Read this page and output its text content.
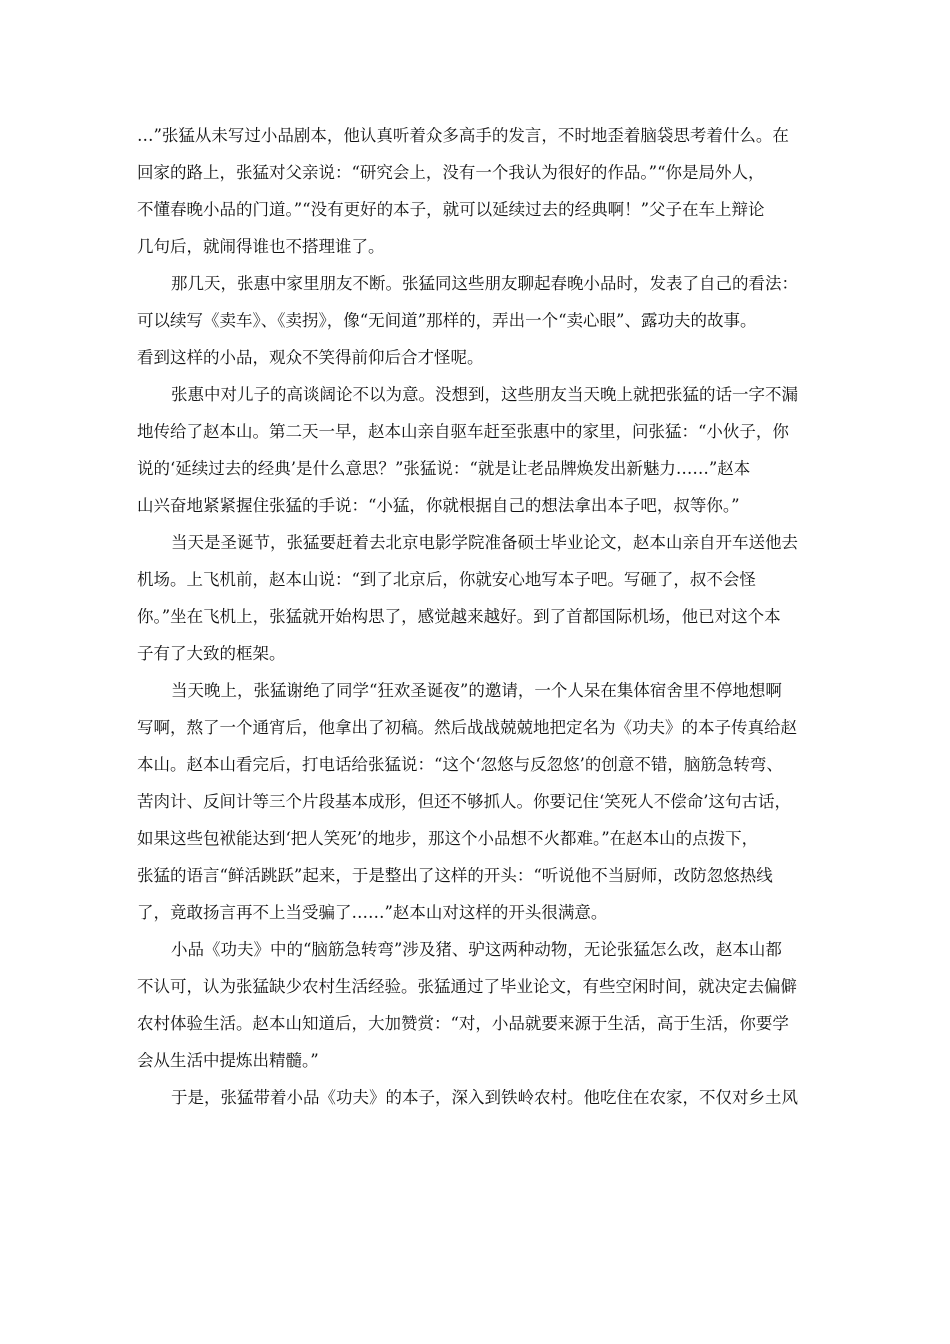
…”张猛从未写过小品剧本，他认真听着众多高手的发言，不时地歪着脑袋思考着什么。在
回家的路上，张猛对父亲说：“研究会上，没有一个我认为很好的作品。”“你是局外人，
不懂春晚小品的门道。”“没有更好的本子，就可以延续过去的经典啊！”父子在车上辩论
几句后，就闹得谁也不搭理谁了。
那几天，张惠中家里朋友不断。张猛同这些朋友聊起春晚小品时，发表了自己的看法：
可以续写《卖车》、《卖拐》，像“无间道”那样的，弄出一个“卖心眼”、露功夫的故事。
看到这样的小品，观众不笑得前仰后合才怪呢。
张惠中对儿子的高谈阔论不以为意。没想到，这些朋友当天晚上就把张猛的话一字不漏
地传给了赵本山。第二天一早，赵本山亲自驱车赶至张惠中的家里，问张猛：“小伙子，你
说的‘延续过去的经典’是什么意思？”张猛说：“就是让老品牌焕发出新魅力……”赵本
山兴奋地紧紧握住张猛的手说：“小猛，你就根据自己的想法拿出本子吧，叔等你。”
当天是圣诞节，张猛要赶着去北京电影学院准备硕士毕业论文，赵本山亲自开车送他去
机场。上飞机前，赵本山说：“到了北京后，你就安心地写本子吧。写砸了，叔不会怪
你。”坐在飞机上，张猛就开始构思了，感觉越来越好。到了首都国际机场，他已对这个本
子有了大致的框架。
当天晚上，张猛谢绝了同学“狂欢圣诞夜”的邀请，一个人呆在集体宿舍里不停地想啊
写啊，熬了一个通宵后，他拿出了初稿。然后战战兢兢地把定名为《功夫》的本子传真给赵
本山。赵本山看完后，打电话给张猛说：“这个‘忽悠与反忽悠’的创意不错，脑筋急转弯、
苦肉计、反间计等三个片段基本成形，但还不够抓人。你要记住‘笑死人不偿命’这句古话，
如果这些包袱能达到‘把人笑死’的地步，那这个小品想不火都难。”在赵本山的点拨下，
张猛的语言“鲜活跳跃”起来，于是整出了这样的开头：“听说他不当厨师，改防忽悠热线
了，竟敢扬言再不上当受骗了……”赵本山对这样的开头很满意。
小品《功夫》中的“脑筋急转弯”涉及猪、驴这两种动物，无论张猛怎么改，赵本山都
不认可，认为张猛缺少农村生活经验。张猛通过了毕业论文，有些空闲时间，就决定去偏僻
农村体验生活。赵本山知道后，大加赞赏：“对，小品就要来源于生活，高于生活，你要学
会从生活中提炼出精髓。”
于是，张猛带着小品《功夫》的本子，深入到铁岭农村。他吃住在农家，不仅对乡土风
